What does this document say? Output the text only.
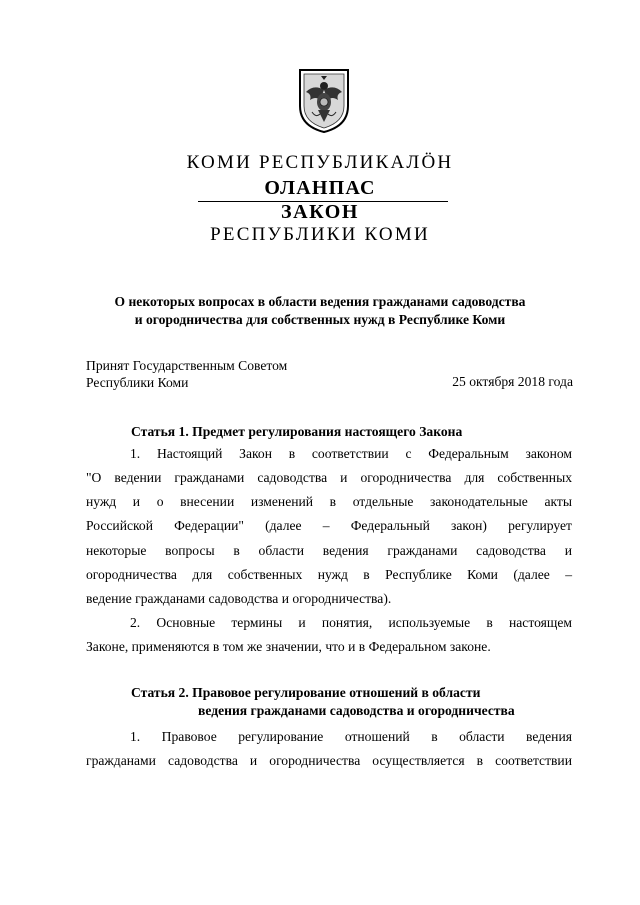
КОМИ РЕСПУБЛИКАЛӦН
ОЛАНПАС
ЗАКОН
РЕСПУБЛИКИ КОМИ
О некоторых вопросах в области ведения гражданами садоводства
и огородничества для собственных нужд в Республике Коми
Принят Государственным Советом
Республики Коми	25 октября 2018 года
Статья 1. Предмет регулирования настоящего Закона
1. Настоящий Закон в соответствии с Федеральным законом
"О ведении гражданами садоводства и огородничества для собственных
нужд и о внесении изменений в отдельные законодательные акты
Российской Федерации" (далее – Федеральный закон) регулирует
некоторые вопросы в области ведения гражданами садоводства и
огородничества для собственных нужд в Республике Коми (далее –
ведение гражданами садоводства и огородничества).
2. Основные термины и понятия, используемые в настоящем
Законе, применяются в том же значении, что и в Федеральном законе.
Статья 2. Правовое регулирование отношений в области
ведения гражданами садоводства и огородничества
1. Правовое регулирование отношений в области ведения
гражданами садоводства и огородничества осуществляется в соответствии
